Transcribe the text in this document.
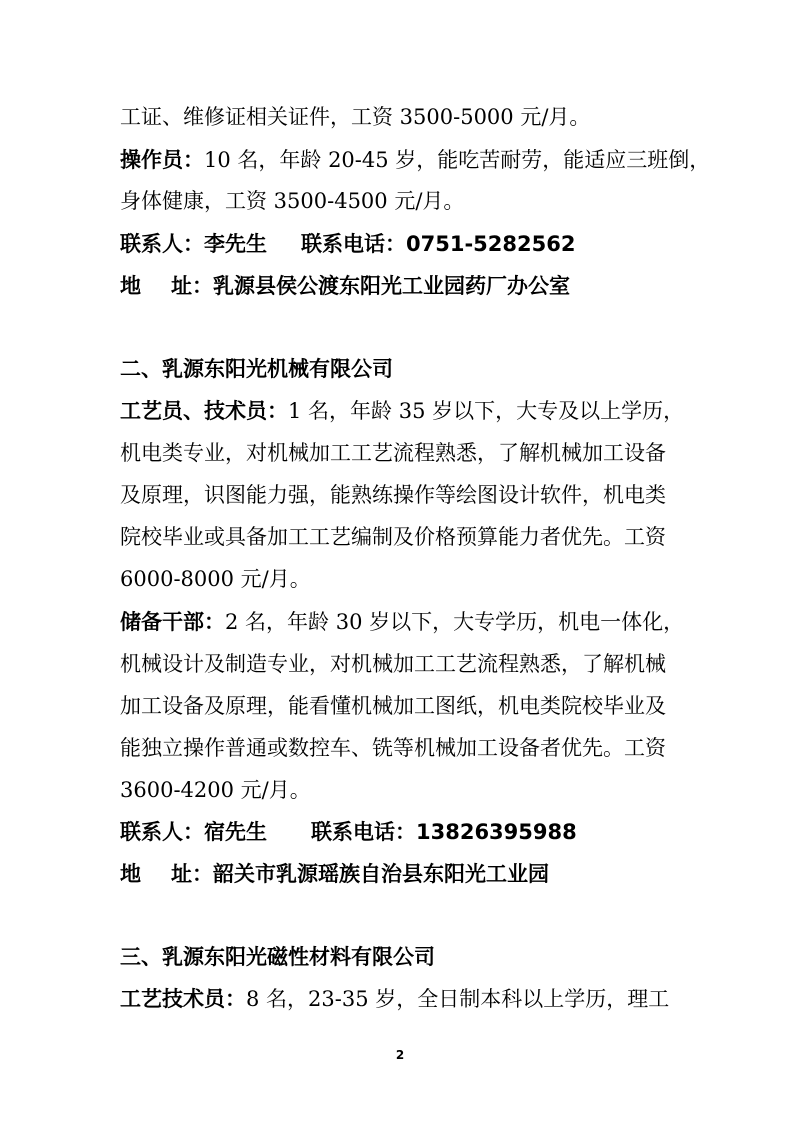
工证、维修证相关证件，工资 3500-5000 元/月。
操作员：10 名，年龄 20-45 岁，能吃苦耐劳，能适应三班倒，
身体健康，工资 3500-4500 元/月。
联系人：李先生 联系电话：0751-5282562
地 址：乳源县侯公渡东阳光工业园药厂办公室
二、乳源东阳光机械有限公司
工艺员、技术员：1 名，年龄 35 岁以下，大专及以上学历，
机电类专业，对机械加工工艺流程熟悉，了解机械加工设备
及原理，识图能力强，能熟练操作等绘图设计软件，机电类
院校毕业或具备加工工艺编制及价格预算能力者优先。工资
6000-8000 元/月。
储备干部：2 名，年龄 30 岁以下，大专学历，机电一体化，
机械设计及制造专业，对机械加工工艺流程熟悉，了解机械
加工设备及原理，能看懂机械加工图纸，机电类院校毕业及
能独立操作普通或数控车、铣等机械加工设备者优先。工资
3600-4200 元/月。
联系人：宿先生 联系电话：13826395988
地 址：韶关市乳源瑶族自治县东阳光工业园
三、乳源东阳光磁性材料有限公司
工艺技术员：8 名，23-35 岁，全日制本科以上学历，理工
2
